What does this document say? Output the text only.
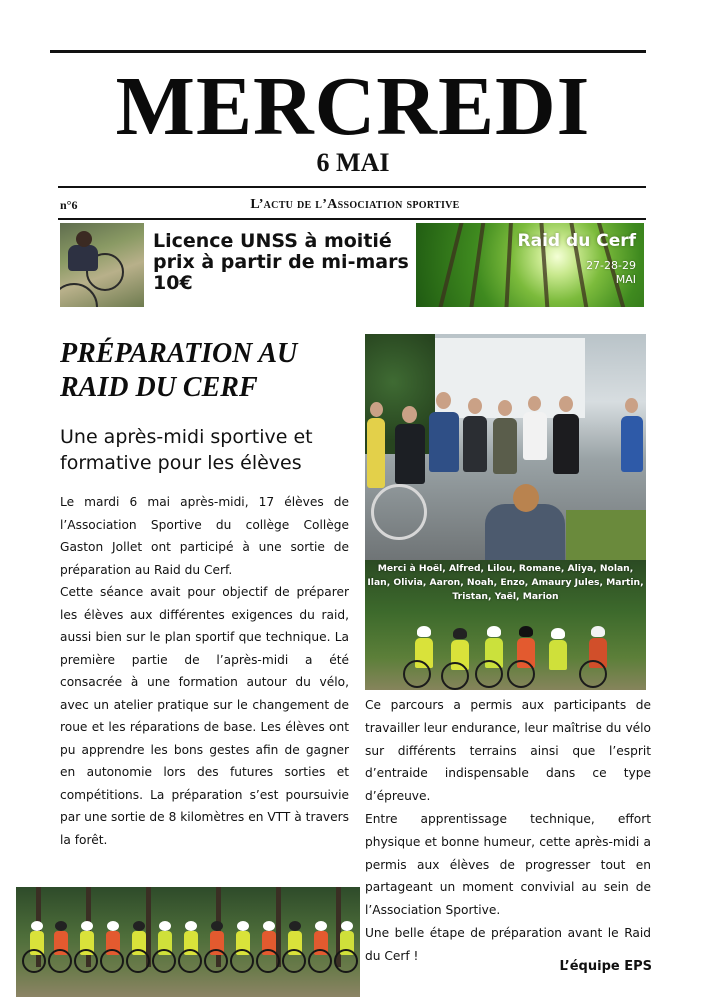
MERCREDI
6 MAI
n°6	L’actu de l’Association sportive
Licence UNSS à moitié prix à partir de mi-mars 10€
Raid du Cerf
27-28-29
MAI
PRÉPARATION AU RAID DU CERF
Une après-midi sportive et formative pour les élèves

Le mardi 6 mai après-midi, 17 élèves de l’Association Sportive du collège Collège Gaston Jollet ont participé à une sortie de préparation au Raid du Cerf.

Cette séance avait pour objectif de préparer les élèves aux différentes exigences du raid, aussi bien sur le plan sportif que technique. La première partie de l’après-midi a été consacrée à une formation autour du vélo, avec un atelier pratique sur le changement de roue et les réparations de base. Les élèves ont pu apprendre les bons gestes afin de gagner en autonomie lors des futures sorties et compétitions. La préparation s’est poursuivie par une sortie de 8 kilomètres en VTT à travers la forêt.

Merci à Hoël, Alfred, Lilou, Romane, Aliya, Nolan, Ilan, Olivia, Aaron, Noah, Enzo, Amaury Jules, Martin, Tristan, Yaël, Marion

Ce parcours a permis aux participants de travailler leur endurance, leur maîtrise du vélo sur différents terrains ainsi que l’esprit d’entraide indispensable dans ce type d’épreuve.

Entre apprentissage technique, effort physique et bonne humeur, cette après-midi a permis aux élèves de progresser tout en partageant un moment convivial au sein de l’Association Sportive.

Une belle étape de préparation avant le Raid du Cerf !

L’équipe EPS
